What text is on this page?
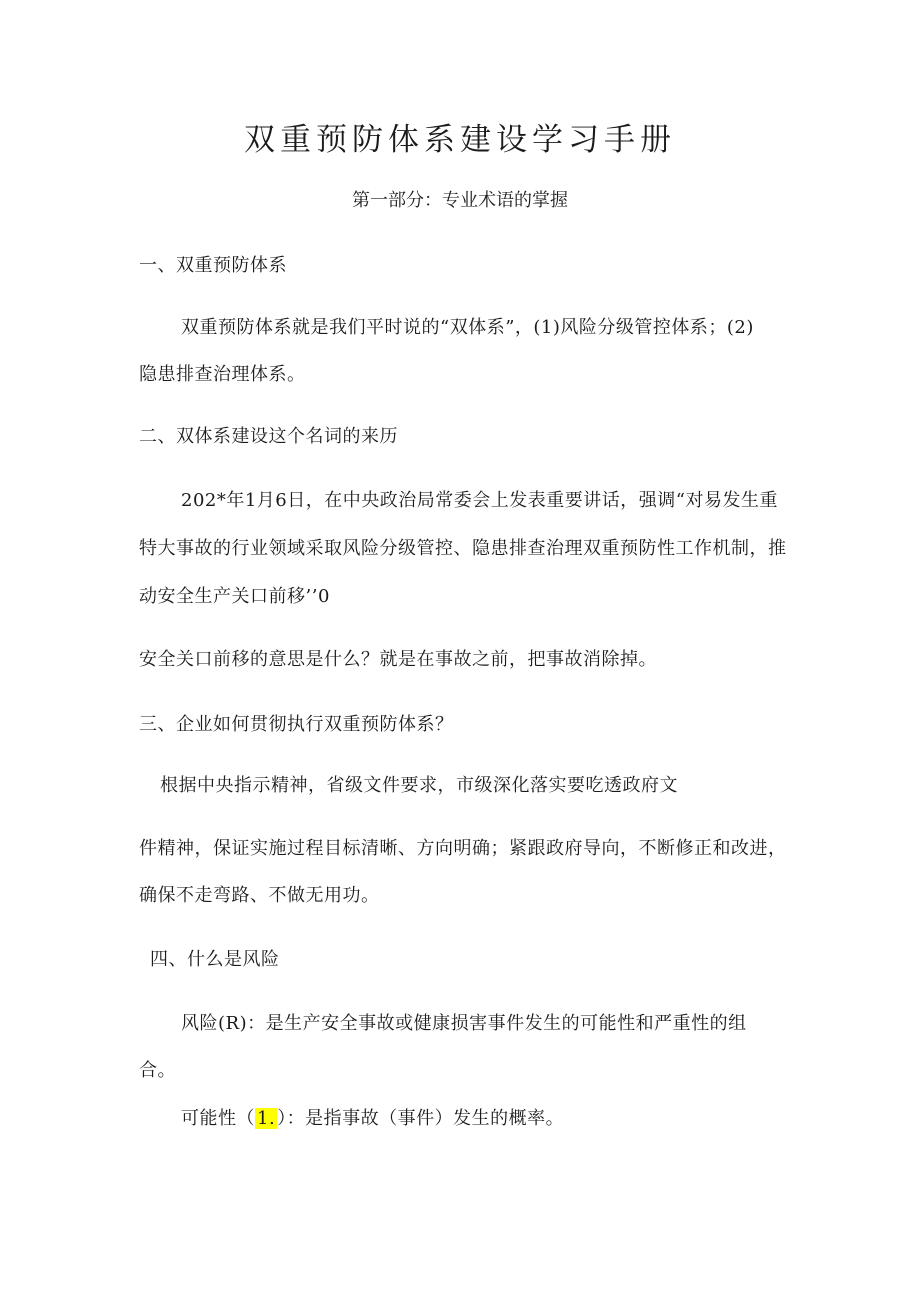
双重预防体系建设学习手册
第一部分：专业术语的掌握
一、双重预防体系
双重预防体系就是我们平时说的“双体系”，(1)风险分级管控体系；(2)
隐患排查治理体系。
二、双体系建设这个名词的来历
202*年1月6日，在中央政治局常委会上发表重要讲话，强调“对易发生重
特大事故的行业领域采取风险分级管控、隐患排查治理双重预防性工作机制，推
动安全生产关口前移’’0
安全关口前移的意思是什么？就是在事故之前，把事故消除掉。
三、企业如何贯彻执行双重预防体系？
根据中央指示精神，省级文件要求，市级深化落实要吃透政府文
件精神，保证实施过程目标清晰、方向明确；紧跟政府导向，不断修正和改进，
确保不走弯路、不做无用功。
四、什么是风险
风险(R)：是生产安全事故或健康损害事件发生的可能性和严重性的组
合。
可能性（ 1. ）：是指事故（事件）发生的概率。
